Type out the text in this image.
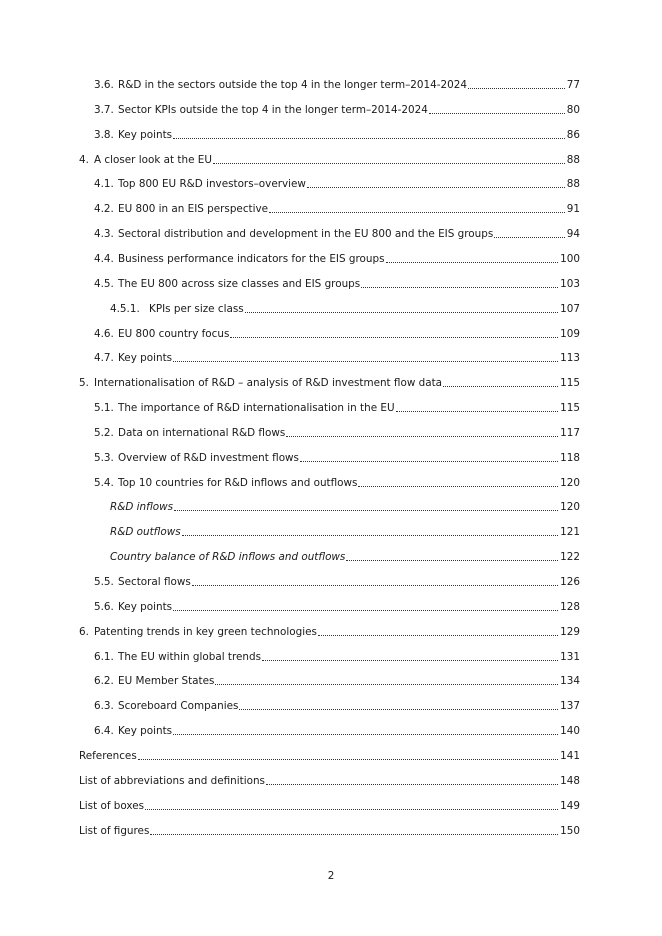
3.6. R&D in the sectors outside the top 4 in the longer term–2014-2024	77
3.7. Sector KPIs outside the top 4 in the longer term–2014-2024	80
3.8. Key points	86
4. A closer look at the EU	88
4.1. Top 800 EU R&D investors–overview	88
4.2. EU 800 in an EIS perspective	91
4.3. Sectoral distribution and development in the EU 800 and the EIS groups	94
4.4. Business performance indicators for the EIS groups	100
4.5. The EU 800 across size classes and EIS groups	103
4.5.1. KPIs per size class	107
4.6. EU 800 country focus	109
4.7. Key points	113
5. Internationalisation of R&D – analysis of R&D investment flow data	115
5.1. The importance of R&D internationalisation in the EU	115
5.2. Data on international R&D flows	117
5.3. Overview of R&D investment flows	118
5.4. Top 10 countries for R&D inflows and outflows	120
R&D inflows	120
R&D outflows	121
Country balance of R&D inflows and outflows	122
5.5. Sectoral flows	126
5.6. Key points	128
6. Patenting trends in key green technologies	129
6.1. The EU within global trends	131
6.2. EU Member States	134
6.3. Scoreboard Companies	137
6.4. Key points	140
References	141
List of abbreviations and definitions	148
List of boxes	149
List of figures	150
2
